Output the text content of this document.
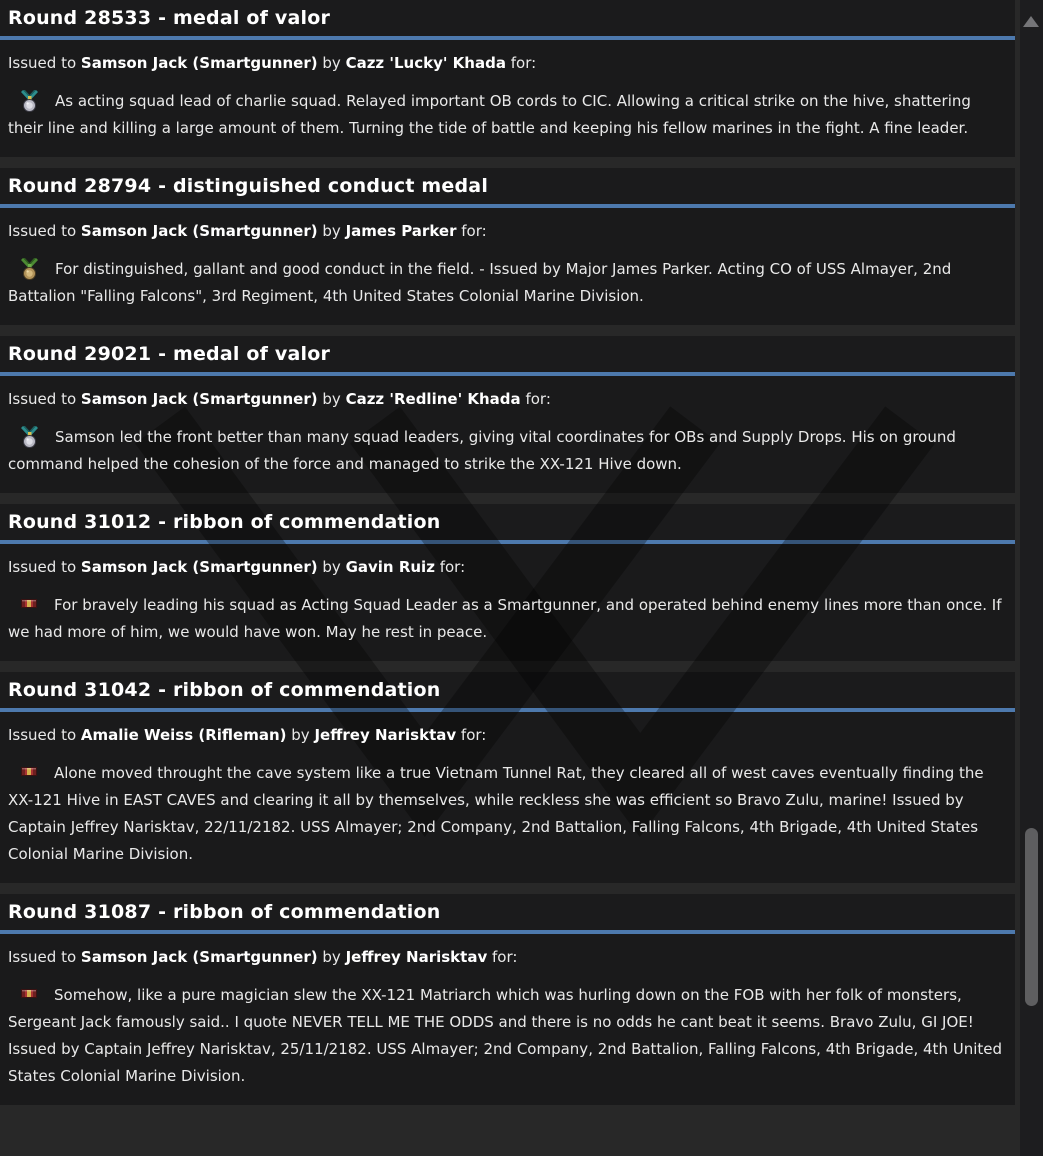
Round 28533 - medal of valor

Issued to Samson Jack (Smartgunner) by Cazz 'Lucky' Khada for:

As acting squad lead of charlie squad. Relayed important OB cords to CIC. Allowing a critical strike on the hive, shattering their line and killing a large amount of them. Turning the tide of battle and keeping his fellow marines in the fight. A fine leader.

Round 28794 - distinguished conduct medal

Issued to Samson Jack (Smartgunner) by James Parker for:

For distinguished, gallant and good conduct in the field. - Issued by Major James Parker. Acting CO of USS Almayer, 2nd Battalion "Falling Falcons", 3rd Regiment, 4th United States Colonial Marine Division.

Round 29021 - medal of valor

Issued to Samson Jack (Smartgunner) by Cazz 'Redline' Khada for:

Samson led the front better than many squad leaders, giving vital coordinates for OBs and Supply Drops. His on ground command helped the cohesion of the force and managed to strike the XX-121 Hive down.

Round 31012 - ribbon of commendation

Issued to Samson Jack (Smartgunner) by Gavin Ruiz for:

For bravely leading his squad as Acting Squad Leader as a Smartgunner, and operated behind enemy lines more than once. If we had more of him, we would have won. May he rest in peace.

Round 31042 - ribbon of commendation

Issued to Amalie Weiss (Rifleman) by Jeffrey Narisktav for:

Alone moved throught the cave system like a true Vietnam Tunnel Rat, they cleared all of west caves eventually finding the XX-121 Hive in EAST CAVES and clearing it all by themselves, while reckless she was efficient so Bravo Zulu, marine! Issued by Captain Jeffrey Narisktav, 22/11/2182. USS Almayer; 2nd Company, 2nd Battalion, Falling Falcons, 4th Brigade, 4th United States Colonial Marine Division.

Round 31087 - ribbon of commendation

Issued to Samson Jack (Smartgunner) by Jeffrey Narisktav for:

Somehow, like a pure magician slew the XX-121 Matriarch which was hurling down on the FOB with her folk of monsters, Sergeant Jack famously said.. I quote NEVER TELL ME THE ODDS and there is no odds he cant beat it seems. Bravo Zulu, GI JOE! Issued by Captain Jeffrey Narisktav, 25/11/2182. USS Almayer; 2nd Company, 2nd Battalion, Falling Falcons, 4th Brigade, 4th United States Colonial Marine Division.
